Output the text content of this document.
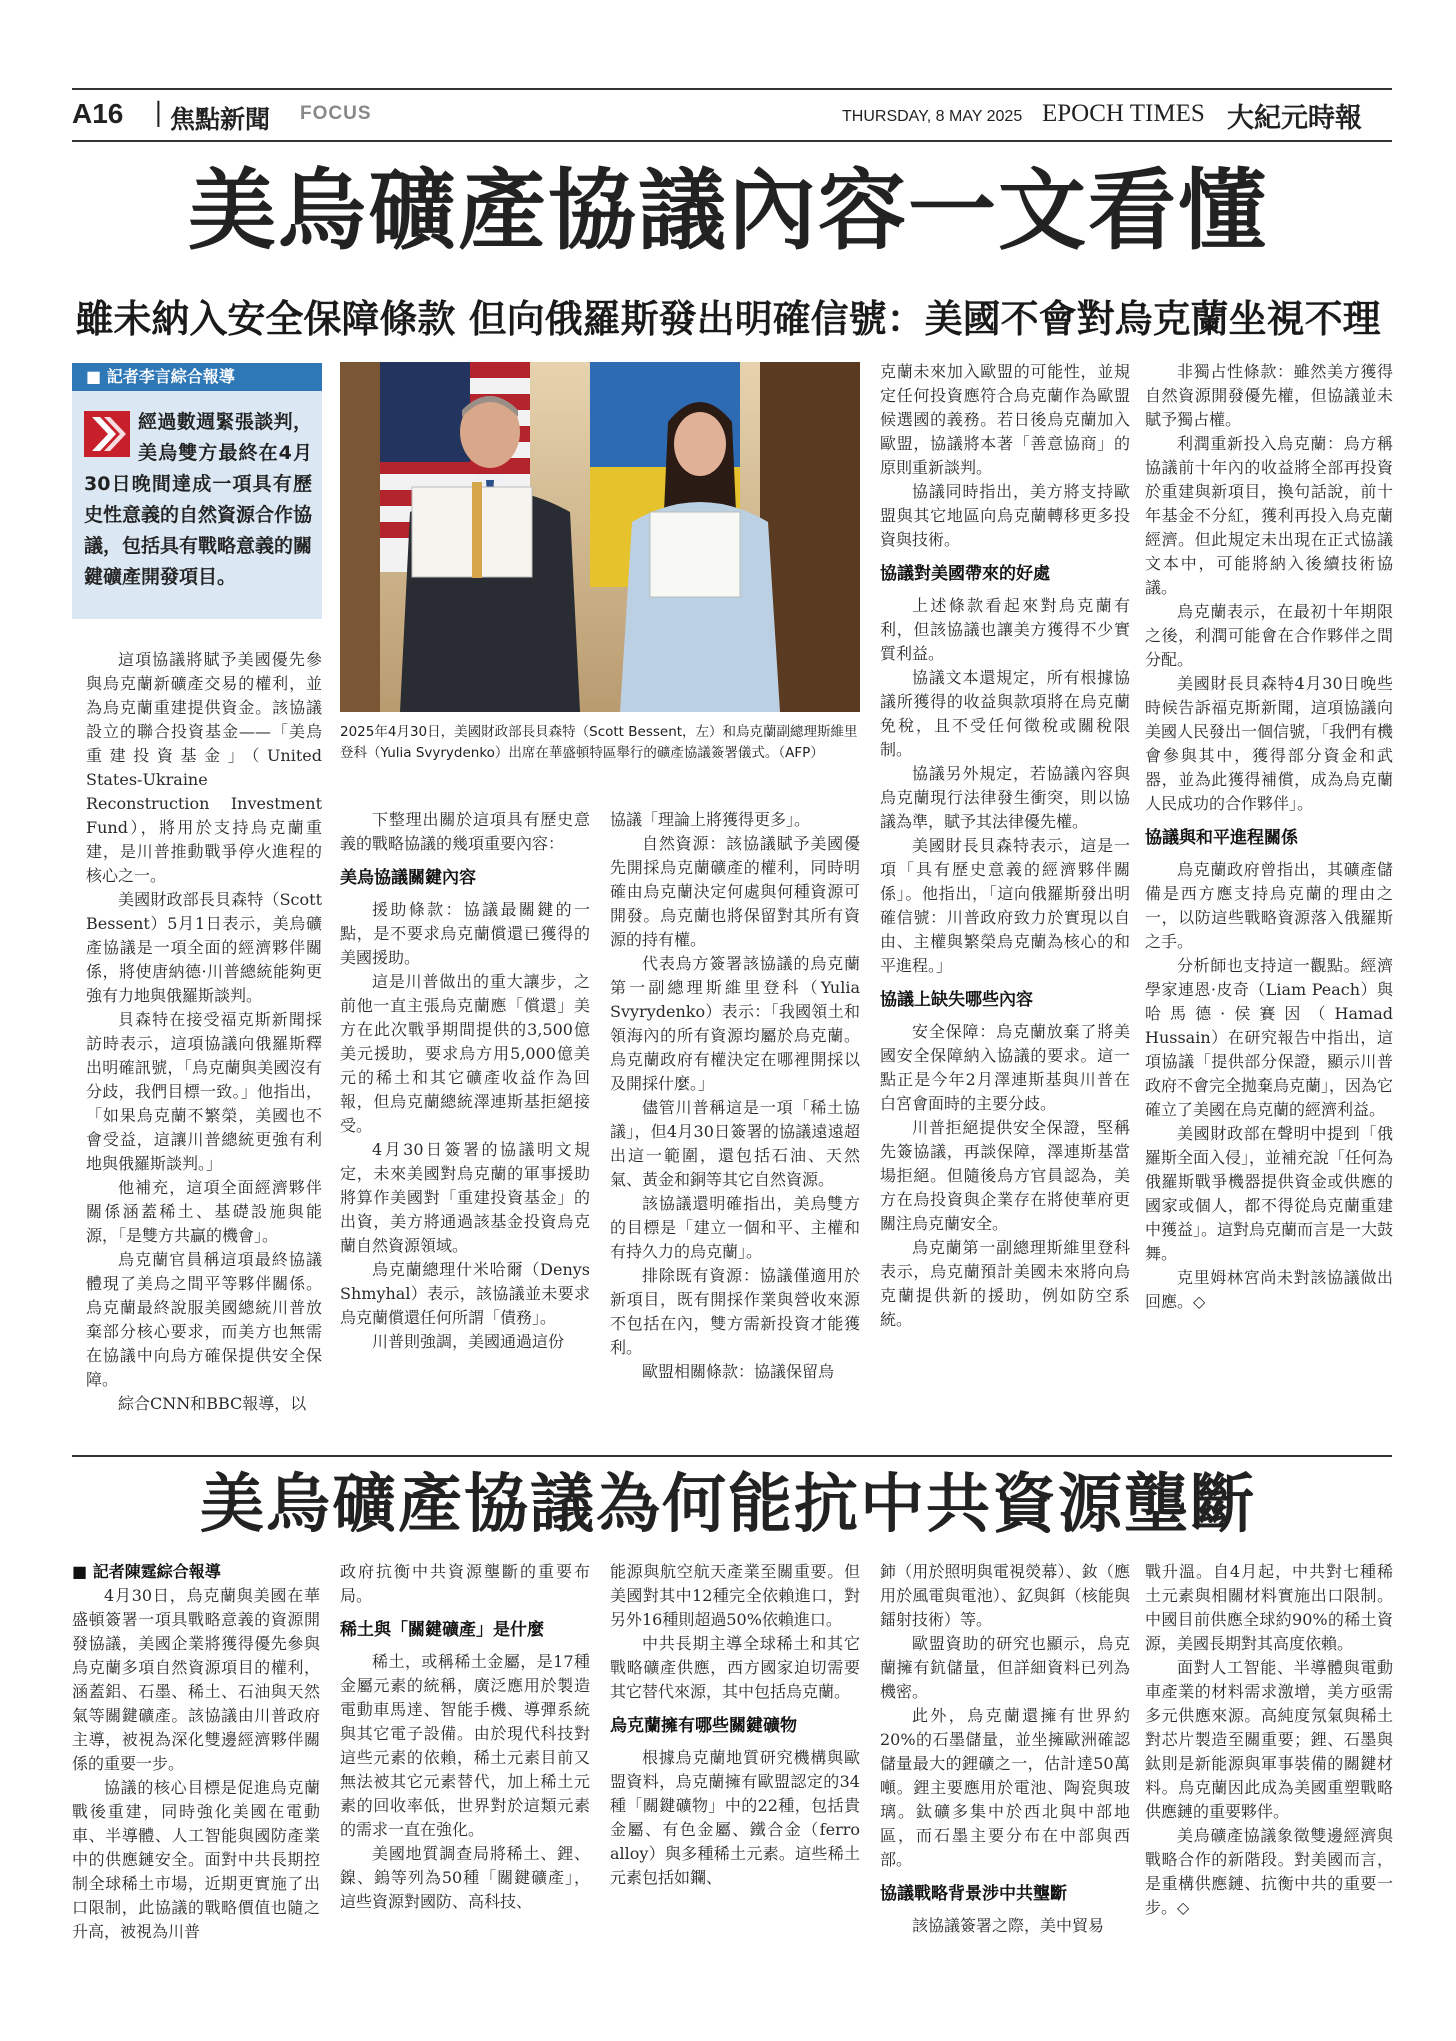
A16 | 焦點新聞 FOCUS	THURSDAY, 8 MAY 2025 EPOCH TIMES 大紀元時報
美烏礦產協議內容一文看懂
雖未納入安全保障條款 但向俄羅斯發出明確信號：美國不會對烏克蘭坐視不理
■ 記者李言綜合報導
經過數週緊張談判，美烏雙方最終在4月30日晚間達成一項具有歷史性意義的自然資源合作協議，包括具有戰略意義的關鍵礦產開發項目。
2025年4月30日，美國財政部長貝森特（Scott Bessent，左）和烏克蘭副總理斯維里登科（Yulia Svyrydenko）出席在華盛頓特區舉行的礦產協議簽署儀式。（AFP）

這項協議將賦予美國優先參與烏克蘭新礦產交易的權利，並為烏克蘭重建提供資金。該協議設立的聯合投資基金——「美烏重建投資基金」（United States-Ukraine Reconstruction Investment Fund），將用於支持烏克蘭重建，是川普推動戰爭停火進程的核心之一。

美國財政部長貝森特（Scott Bessent）5月1日表示，美烏礦產協議是一項全面的經濟夥伴關係，將使唐納德·川普總統能夠更強有力地與俄羅斯談判。

貝森特在接受福克斯新聞採訪時表示，這項協議向俄羅斯釋出明確訊號，「烏克蘭與美國沒有分歧，我們目標一致。」他指出，「如果烏克蘭不繁榮，美國也不會受益，這讓川普總統更強有利地與俄羅斯談判。」

他補充，這項全面經濟夥伴關係涵蓋稀土、基礎設施與能源，「是雙方共贏的機會」。

烏克蘭官員稱這項最終協議體現了美烏之間平等夥伴關係。烏克蘭最終說服美國總統川普放棄部分核心要求，而美方也無需在協議中向烏方確保提供安全保障。

綜合CNN和BBC報導，以

下整理出關於這項具有歷史意義的戰略協議的幾項重要內容：

美烏協議關鍵內容

援助條款：協議最關鍵的一點，是不要求烏克蘭償還已獲得的美國援助。

這是川普做出的重大讓步，之前他一直主張烏克蘭應「償還」美方在此次戰爭期間提供的3,500億美元援助，要求烏方用5,000億美元的稀土和其它礦產收益作為回報，但烏克蘭總統澤連斯基拒絕接受。

4月30日簽署的協議明文規定，未來美國對烏克蘭的軍事援助將算作美國對「重建投資基金」的出資，美方將通過該基金投資烏克蘭自然資源領域。

烏克蘭總理什米哈爾（Denys Shmyhal）表示，該協議並未要求烏克蘭償還任何所謂「債務」。

川普則強調，美國通過這份

協議「理論上將獲得更多」。

自然資源：該協議賦予美國優先開採烏克蘭礦產的權利，同時明確由烏克蘭決定何處與何種資源可開發。烏克蘭也將保留對其所有資源的持有權。

代表烏方簽署該協議的烏克蘭第一副總理斯維里登科（Yulia Svyrydenko）表示：「我國領土和領海內的所有資源均屬於烏克蘭。烏克蘭政府有權決定在哪裡開採以及開採什麼。」

儘管川普稱這是一項「稀土協議」，但4月30日簽署的協議遠遠超出這一範圍，還包括石油、天然氣、黃金和銅等其它自然資源。

該協議還明確指出，美烏雙方的目標是「建立一個和平、主權和有持久力的烏克蘭」。

排除既有資源：協議僅適用於新項目，既有開採作業與營收來源不包括在內，雙方需新投資才能獲利。

歐盟相關條款：協議保留烏

克蘭未來加入歐盟的可能性，並規定任何投資應符合烏克蘭作為歐盟候選國的義務。若日後烏克蘭加入歐盟，協議將本著「善意協商」的原則重新談判。

協議同時指出，美方將支持歐盟與其它地區向烏克蘭轉移更多投資與技術。

協議對美國帶來的好處

上述條款看起來對烏克蘭有利，但該協議也讓美方獲得不少實質利益。

協議文本還規定，所有根據協議所獲得的收益與款項將在烏克蘭免稅，且不受任何徵稅或關稅限制。

協議另外規定，若協議內容與烏克蘭現行法律發生衝突，則以協議為準，賦予其法律優先權。

美國財長貝森特表示，這是一項「具有歷史意義的經濟夥伴關係」。他指出，「這向俄羅斯發出明確信號：川普政府致力於實現以自由、主權與繁榮烏克蘭為核心的和平進程。」

協議上缺失哪些內容

安全保障：烏克蘭放棄了將美國安全保障納入協議的要求。這一點正是今年2月澤連斯基與川普在白宮會面時的主要分歧。

川普拒絕提供安全保證，堅稱先簽協議，再談保障，澤連斯基當場拒絕。但隨後烏方官員認為，美方在烏投資與企業存在將使華府更關注烏克蘭安全。

烏克蘭第一副總理斯維里登科表示，烏克蘭預計美國未來將向烏克蘭提供新的援助，例如防空系統。

非獨占性條款：雖然美方獲得自然資源開發優先權，但協議並未賦予獨占權。

利潤重新投入烏克蘭：烏方稱協議前十年內的收益將全部再投資於重建與新項目，換句話說，前十年基金不分紅，獲利再投入烏克蘭經濟。但此規定未出現在正式協議文本中，可能將納入後續技術協議。

烏克蘭表示，在最初十年期限之後，利潤可能會在合作夥伴之間分配。

美國財長貝森特4月30日晚些時候告訴福克斯新聞，這項協議向美國人民發出一個信號，「我們有機會參與其中，獲得部分資金和武器，並為此獲得補償，成為烏克蘭人民成功的合作夥伴」。

協議與和平進程關係

烏克蘭政府曾指出，其礦產儲備是西方應支持烏克蘭的理由之一，以防這些戰略資源落入俄羅斯之手。

分析師也支持這一觀點。經濟學家連恩·皮奇（Liam Peach）與哈馬德·侯賽因（Hamad Hussain）在研究報告中指出，這項協議「提供部分保證，顯示川普政府不會完全拋棄烏克蘭」，因為它確立了美國在烏克蘭的經濟利益。

美國財政部在聲明中提到「俄羅斯全面入侵」，並補充說「任何為俄羅斯戰爭機器提供資金或供應的國家或個人，都不得從烏克蘭重建中獲益」。這對烏克蘭而言是一大鼓舞。

克里姆林宮尚未對該協議做出回應。◇

美烏礦產協議為何能抗中共資源壟斷

■ 記者陳霆綜合報導

4月30日，烏克蘭與美國在華盛頓簽署一項具戰略意義的資源開發協議，美國企業將獲得優先參與烏克蘭多項自然資源項目的權利，涵蓋鋁、石墨、稀土、石油與天然氣等關鍵礦產。該協議由川普政府主導，被視為深化雙邊經濟夥伴關係的重要一步。

協議的核心目標是促進烏克蘭戰後重建，同時強化美國在電動車、半導體、人工智能與國防產業中的供應鏈安全。面對中共長期控制全球稀土市場，近期更實施了出口限制，此協議的戰略價值也隨之升高，被視為川普

政府抗衡中共資源壟斷的重要布局。

稀土與「關鍵礦產」是什麼

稀土，或稱稀土金屬，是17種金屬元素的統稱，廣泛應用於製造電動車馬達、智能手機、導彈系統與其它電子設備。由於現代科技對這些元素的依賴，稀土元素目前又無法被其它元素替代，加上稀土元素的回收率低，世界對於這類元素的需求一直在強化。

美國地質調查局將稀土、鋰、鎳、鎢等列為50種「關鍵礦產」，這些資源對國防、高科技、

能源與航空航天產業至關重要。但美國對其中12種完全依賴進口，對另外16種則超過50%依賴進口。

中共長期主導全球稀土和其它戰略礦產供應，西方國家迫切需要其它替代來源，其中包括烏克蘭。

烏克蘭擁有哪些關鍵礦物

根據烏克蘭地質研究機構與歐盟資料，烏克蘭擁有歐盟認定的34種「關鍵礦物」中的22種，包括貴金屬、有色金屬、鐵合金（ferro alloy）與多種稀土元素。這些稀土元素包括如鑭、

鈰（用於照明與電視熒幕）、釹（應用於風電與電池）、釔與鉺（核能與鐳射技術）等。

歐盟資助的研究也顯示，烏克蘭擁有鈧儲量，但詳細資料已列為機密。

此外，烏克蘭還擁有世界約20%的石墨儲量，並坐擁歐洲確認儲量最大的鋰礦之一，估計達50萬噸。鋰主要應用於電池、陶瓷與玻璃。鈦礦多集中於西北與中部地區，而石墨主要分布在中部與西部。

協議戰略背景涉中共壟斷

該協議簽署之際，美中貿易

戰升溫。自4月起，中共對七種稀土元素與相關材料實施出口限制。中國目前供應全球約90%的稀土資源，美國長期對其高度依賴。

面對人工智能、半導體與電動車產業的材料需求激增，美方亟需多元供應來源。高純度氖氣與稀土對芯片製造至關重要；鋰、石墨與鈦則是新能源與軍事裝備的關鍵材料。烏克蘭因此成為美國重塑戰略供應鏈的重要夥伴。

美烏礦產協議象徵雙邊經濟與戰略合作的新階段。對美國而言，是重構供應鏈、抗衡中共的重要一步。◇
